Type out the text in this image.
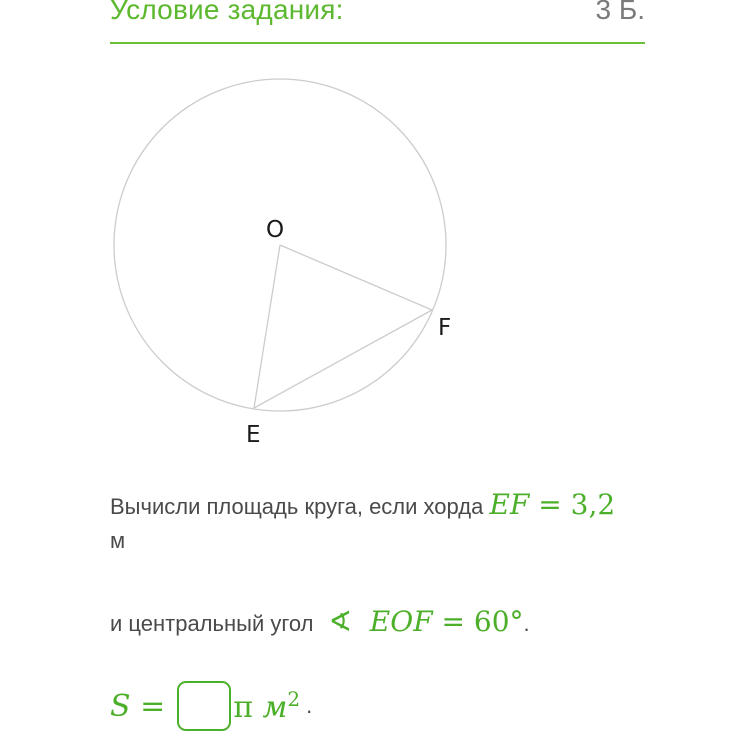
Условие задания:	3 Б.
O
F
E
Вычисли площадь круга, если хорда EF = 3,2 м
и центральный угол ∢ EOF = 60°.
S = π $м^2$ .
